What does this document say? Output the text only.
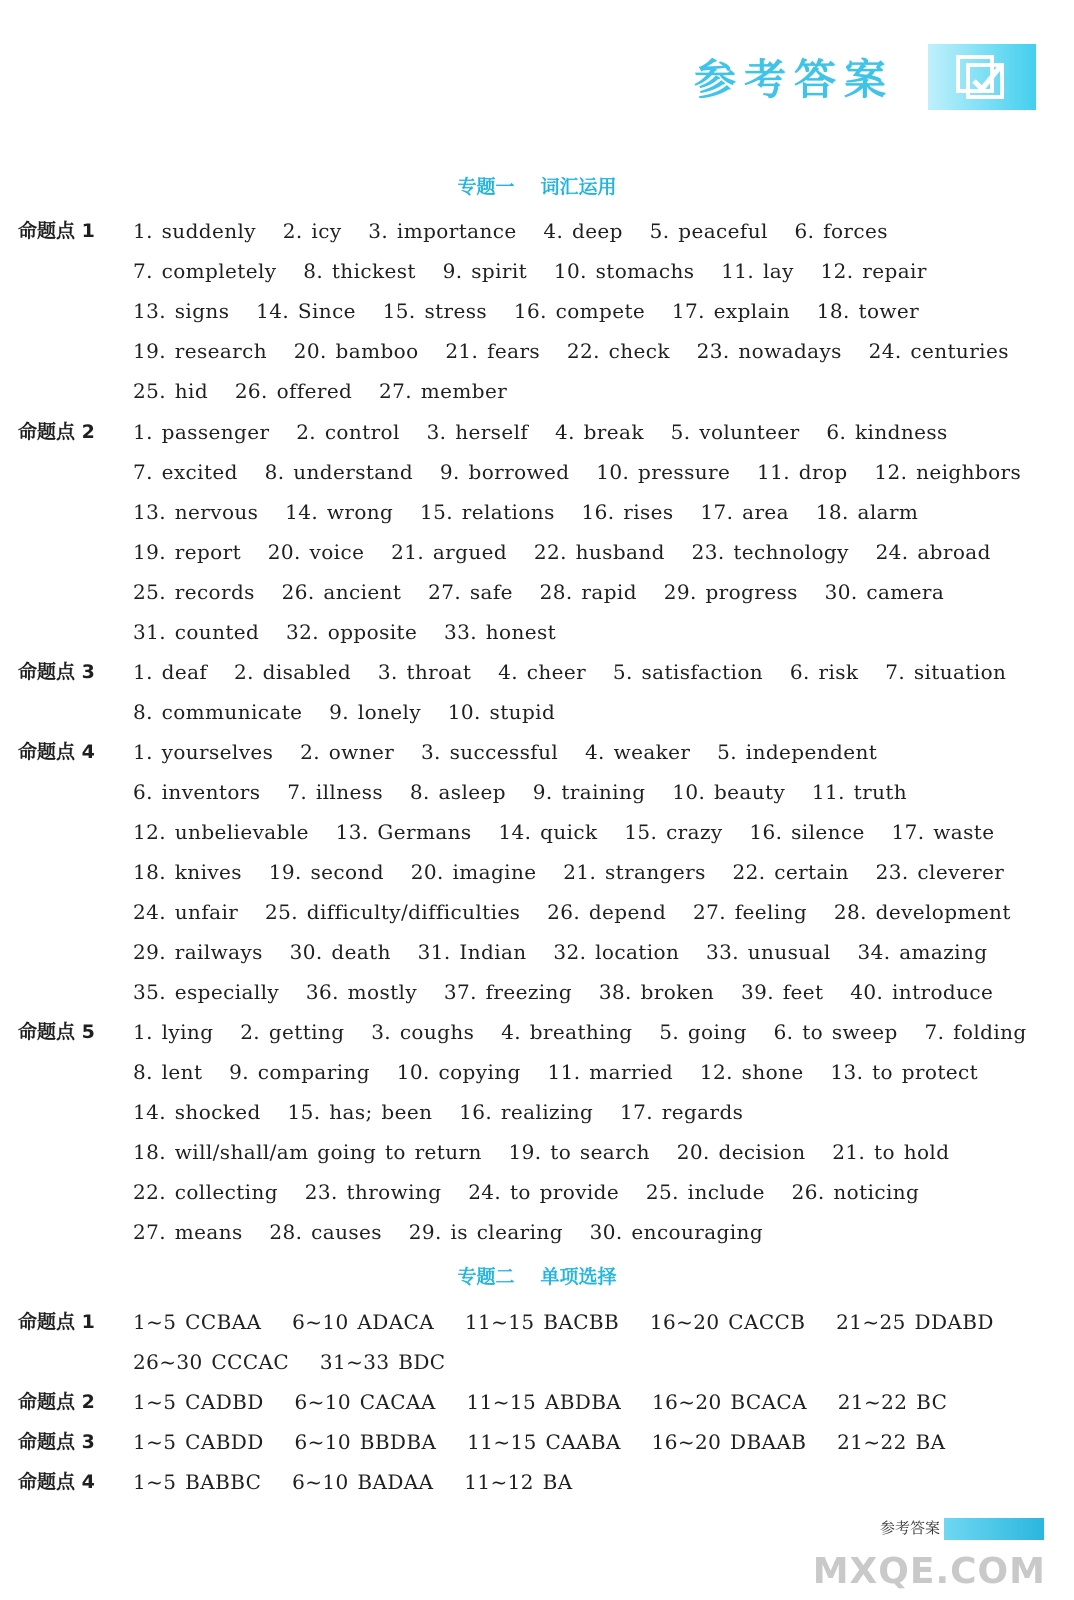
参考答案
专题一 词汇运用
命题点 1	1. suddenly 2. icy 3. importance 4. deep 5. peaceful 6. forces 7. completely 8. thickest 9. spirit 10. stomachs 11. lay 12. repair 13. signs 14. Since 15. stress 16. compete 17. explain 18. tower 19. research 20. bamboo 21. fears 22. check 23. nowadays 24. centuries 25. hid 26. offered 27. member
命题点 2	1. passenger 2. control 3. herself 4. break 5. volunteer 6. kindness 7. excited 8. understand 9. borrowed 10. pressure 11. drop 12. neighbors 13. nervous 14. wrong 15. relations 16. rises 17. area 18. alarm 19. report 20. voice 21. argued 22. husband 23. technology 24. abroad 25. records 26. ancient 27. safe 28. rapid 29. progress 30. camera 31. counted 32. opposite 33. honest
命题点 3	1. deaf 2. disabled 3. throat 4. cheer 5. satisfaction 6. risk 7. situation 8. communicate 9. lonely 10. stupid
命题点 4	1. yourselves 2. owner 3. successful 4. weaker 5. independent 6. inventors 7. illness 8. asleep 9. training 10. beauty 11. truth 12. unbelievable 13. Germans 14. quick 15. crazy 16. silence 17. waste 18. knives 19. second 20. imagine 21. strangers 22. certain 23. cleverer 24. unfair 25. difficulty/difficulties 26. depend 27. feeling 28. development 29. railways 30. death 31. Indian 32. location 33. unusual 34. amazing 35. especially 36. mostly 37. freezing 38. broken 39. feet 40. introduce
命题点 5	1. lying 2. getting 3. coughs 4. breathing 5. going 6. to sweep 7. folding 8. lent 9. comparing 10. copying 11. married 12. shone 13. to protect 14. shocked 15. has; been 16. realizing 17. regards 18. will/shall/am going to return 19. to search 20. decision 21. to hold 22. collecting 23. throwing 24. to provide 25. include 26. noticing 27. means 28. causes 29. is clearing 30. encouraging
专题二 单项选择
命题点 1	1~5 CCBAA 6~10 ADACA 11~15 BACBB 16~20 CACCB 21~25 DDABD 26~30 CCCAC 31~33 BDC
命题点 2	1~5 CADBD 6~10 CACAA 11~15 ABDBA 16~20 BCACA 21~22 BC
命题点 3	1~5 CABDD 6~10 BBDBA 11~15 CAABA 16~20 DBAAB 21~22 BA
命题点 4	1~5 BABBC 6~10 BADAA 11~12 BA
参考答案
MXQE.COM
